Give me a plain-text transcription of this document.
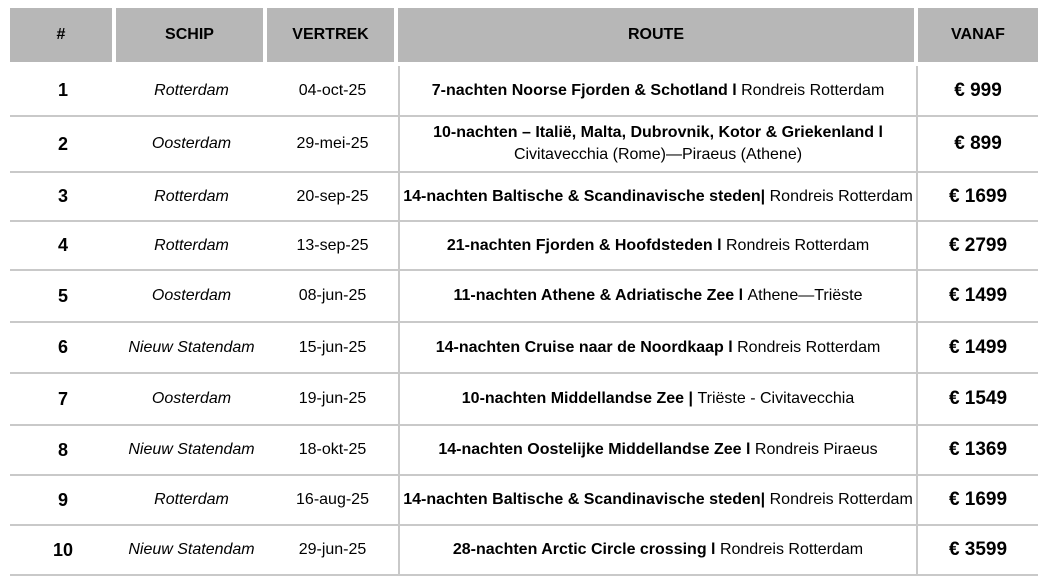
#	SCHIP	VERTREK	ROUTE	VANAF
1	Rotterdam	04-oct-25	7-nachten Noorse Fjorden & Schotland l Rondreis Rotterdam	€ 999
2	Oosterdam	29-mei-25	10-nachten – Italië, Malta, Dubrovnik, Kotor & Griekenland l
Civitavecchia (Rome)—Piraeus (Athene)	€ 899
3	Rotterdam	20-sep-25	14-nachten Baltische & Scandinavische steden| Rondreis Rotterdam	€ 1699
4	Rotterdam	13-sep-25	21-nachten Fjorden & Hoofdsteden l Rondreis Rotterdam	€ 2799
5	Oosterdam	08-jun-25	11-nachten Athene & Adriatische Zee l Athene—Triëste	€ 1499
6	Nieuw Statendam	15-jun-25	14-nachten Cruise naar de Noordkaap l Rondreis Rotterdam	€ 1499
7	Oosterdam	19-jun-25	10-nachten Middellandse Zee | Triëste - Civitavecchia	€ 1549
8	Nieuw Statendam	18-okt-25	14-nachten Oostelijke Middellandse Zee l Rondreis Piraeus	€ 1369
9	Rotterdam	16-aug-25	14-nachten Baltische & Scandinavische steden| Rondreis Rotterdam	€ 1699
10	Nieuw Statendam	29-jun-25	28-nachten Arctic Circle crossing l Rondreis Rotterdam	€ 3599
